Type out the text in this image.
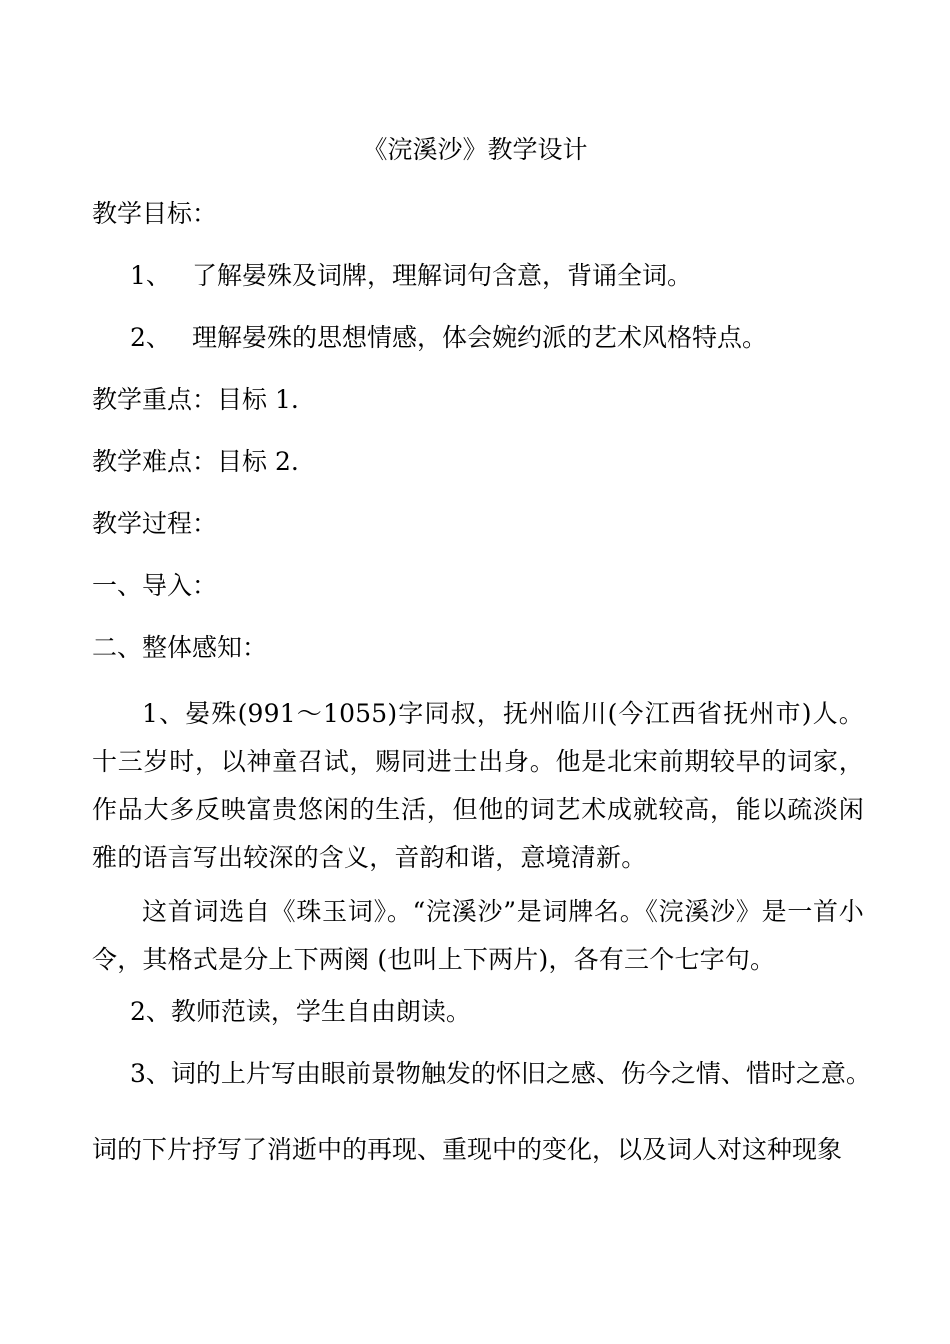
《浣溪沙》教学设计
教学目标：
1、 了解晏殊及词牌，理解词句含意，背诵全词。
2、 理解晏殊的思想情感，体会婉约派的艺术风格特点。
教学重点：目标 1.
教学难点：目标 2.
教学过程：
一、导入：
二、整体感知：
1、晏殊(991～1055)字同叔，抚州临川(今江西省抚州市)人。十三岁时，以神童召试，赐同进士出身。他是北宋前期较早的词家，作品大多反映富贵悠闲的生活，但他的词艺术成就较高，能以疏淡闲雅的语言写出较深的含义，音韵和谐，意境清新。
这首词选自《珠玉词》。“浣溪沙”是词牌名。《浣溪沙》是一首小令，其格式是分上下两阕 (也叫上下两片)，各有三个七字句。
2、教师范读，学生自由朗读。
3、词的上片写由眼前景物触发的怀旧之感、伤今之情、惜时之意。
词的下片抒写了消逝中的再现、重现中的变化，以及词人对这种现象
